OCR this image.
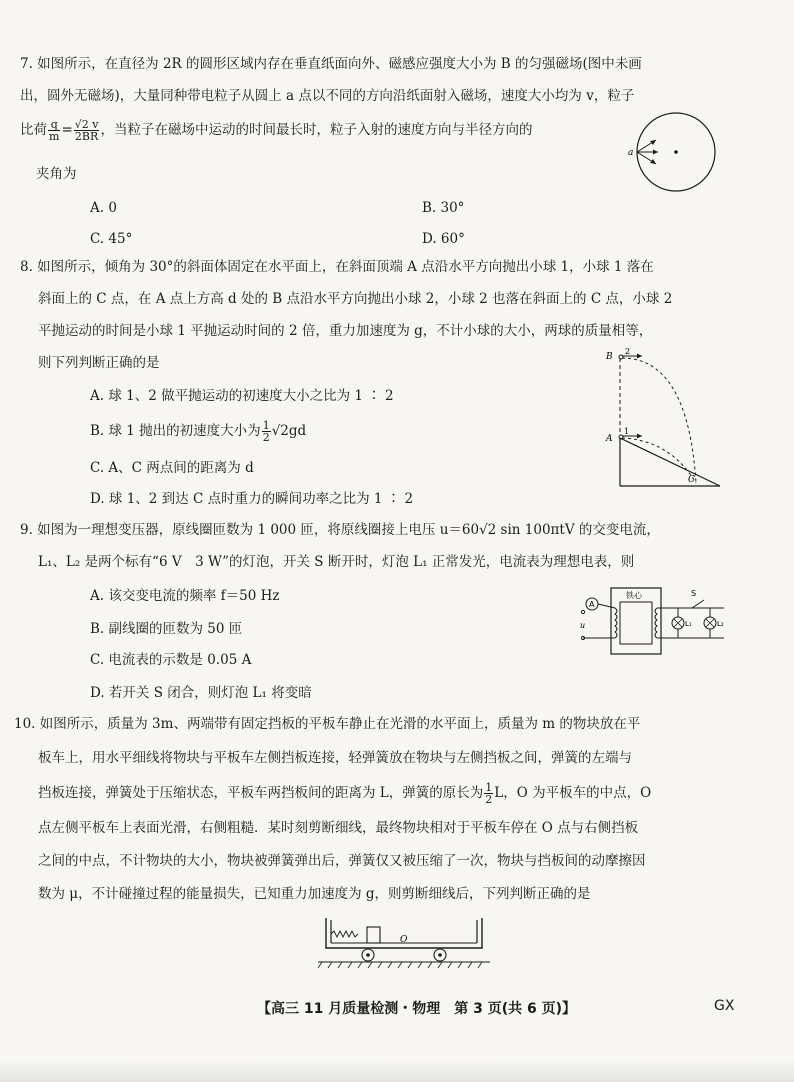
7. 如图所示，在直径为 2R 的圆形区域内存在垂直纸面向外、磁感应强度大小为 B 的匀强磁场(图中未画
出，圆外无磁场)，大量同种带电粒子从圆上 a 点以不同的方向沿纸面射入磁场，速度大小均为 v，粒子
比荷 $\frac{q}{m} = \frac{√2 v}{2BR}$ ，当粒子在磁场中运动的时间最长时，粒子入射的速度方向与半径方向的
夹角为
A. 0	B. 30°
C. 45°	D. 60°
a
8. 如图所示，倾角为 30°的斜面体固定在水平面上，在斜面顶端 A 点沿水平方向抛出小球 1，小球 1 落在
斜面上的 C 点，在 A 点上方高 d 处的 B 点沿水平方向抛出小球 2，小球 2 也落在斜面上的 C 点，小球 2
平抛运动的时间是小球 1 平抛运动时间的 2 倍，重力加速度为 g，不计小球的大小，两球的质量相等，
则下列判断正确的是
A. 球 1、2 做平抛运动的初速度大小之比为 1 ∶ 2
B. 球 1 抛出的初速度大小为 $\frac{1}{2} √2gd$
C. A、C 两点间的距离为 d
D. 球 1、2 到达 C 点时重力的瞬间功率之比为 1 ∶ 2
B
2
A
1
C
9. 如图为一理想变压器，原线圈匝数为 1 000 匝，将原线圈接上电压 u＝60√2 sin 100πtV 的交变电流，
L₁、L₂ 是两个标有“6 V　3 W”的灯泡，开关 S 断开时，灯泡 L₁ 正常发光，电流表为理想电表，则
A. 该交变电流的频率 f＝50 Hz
B. 副线圈的匝数为 50 匝
C. 电流表的示数是 0.05 A
D. 若开关 S 闭合，则灯泡 L₁ 将变暗
铁心
A
u	L₁
S
L₂
10. 如图所示，质量为 3m、两端带有固定挡板的平板车静止在光滑的水平面上，质量为 m 的物块放在平
板车上，用水平细线将物块与平板车左侧挡板连接，轻弹簧放在物块与左侧挡板之间，弹簧的左端与
挡板连接，弹簧处于压缩状态，平板车两挡板间的距离为 L，弹簧的原长为 $\frac{1}{2}$ L，O 为平板车的中点，O
点左侧平板车上表面光滑，右侧粗糙．某时刻剪断细线，最终物块相对于平板车停在 O 点与右侧挡板
之间的中点，不计物块的大小，物块被弹簧弹出后，弹簧仅又被压缩了一次，物块与挡板间的动摩擦因
数为 μ，不计碰撞过程的能量损失，已知重力加速度为 g，则剪断细线后，下列判断正确的是
O
【高三 11 月质量检测・物理　第 3 页(共 6 页)】	GX
